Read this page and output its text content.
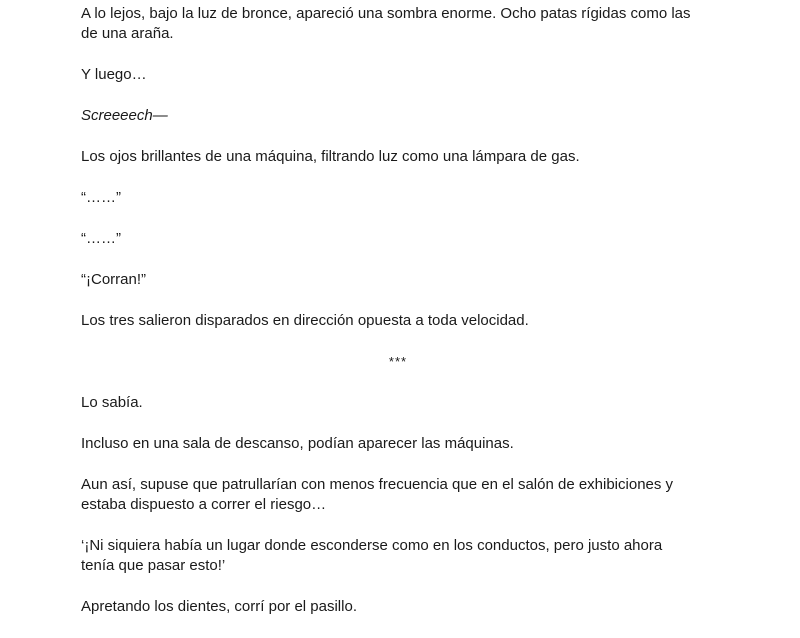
A lo lejos, bajo la luz de bronce, apareció una sombra enorme. Ocho patas rígidas como las
de una araña.

Y luego…

Screeeech—

Los ojos brillantes de una máquina, filtrando luz como una lámpara de gas.

“……”

“……”

“¡Corran!”

Los tres salieron disparados en dirección opuesta a toda velocidad.

***

Lo sabía.

Incluso en una sala de descanso, podían aparecer las máquinas.

Aun así, supuse que patrullarían con menos frecuencia que en el salón de exhibiciones y
estaba dispuesto a correr el riesgo…

‘¡Ni siquiera había un lugar donde esconderse como en los conductos, pero justo ahora
tenía que pasar esto!’

Apretando los dientes, corrí por el pasillo.
